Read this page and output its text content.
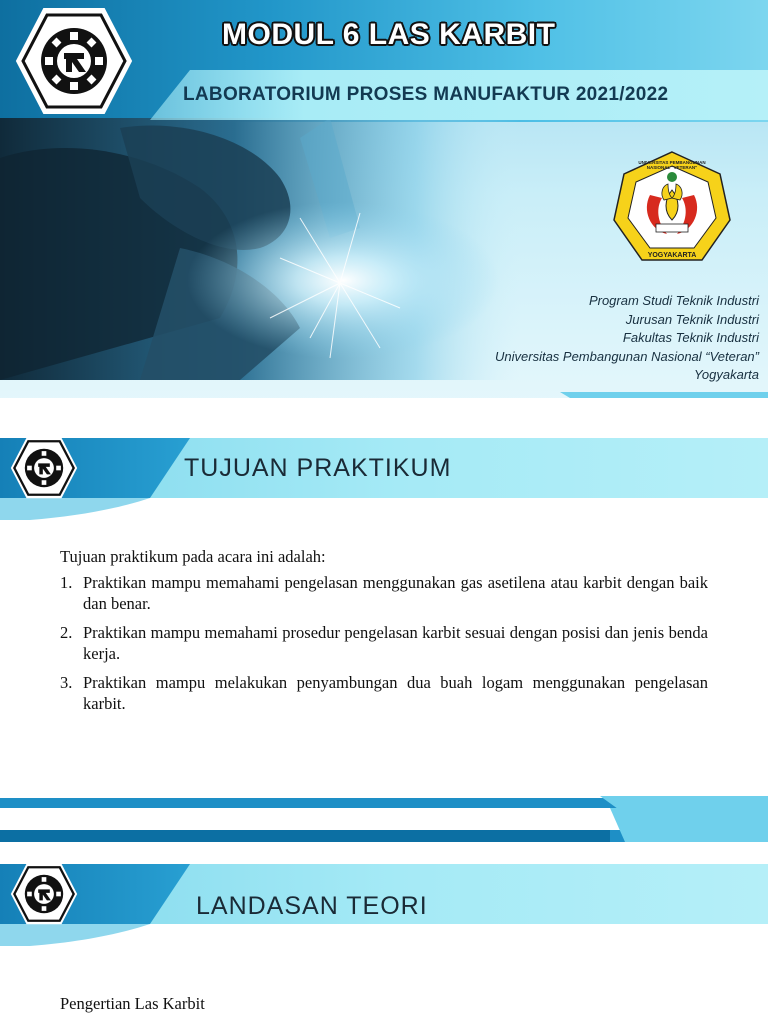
MODUL 6 LAS KARBIT
LABORATORIUM PROSES MANUFAKTUR 2021/2022
YOGYAKARTA
UNIVERSITAS PEMBANGUNAN NASIONAL "VETERAN"
Program Studi Teknik Industri
Jurusan Teknik Industri
Fakultas Teknik Industri
Universitas Pembangunan Nasional “Veteran”
Yogyakarta
TUJUAN PRAKTIKUM
Tujuan praktikum pada acara ini adalah:
1. Praktikan mampu memahami pengelasan menggunakan gas asetilena atau karbit dengan baik dan benar.
2. Praktikan mampu memahami prosedur pengelasan karbit sesuai dengan posisi dan jenis benda kerja.
3. Praktikan mampu melakukan penyambungan dua buah logam menggunakan pengelasan karbit.
LANDASAN TEORI
Pengertian Las Karbit
